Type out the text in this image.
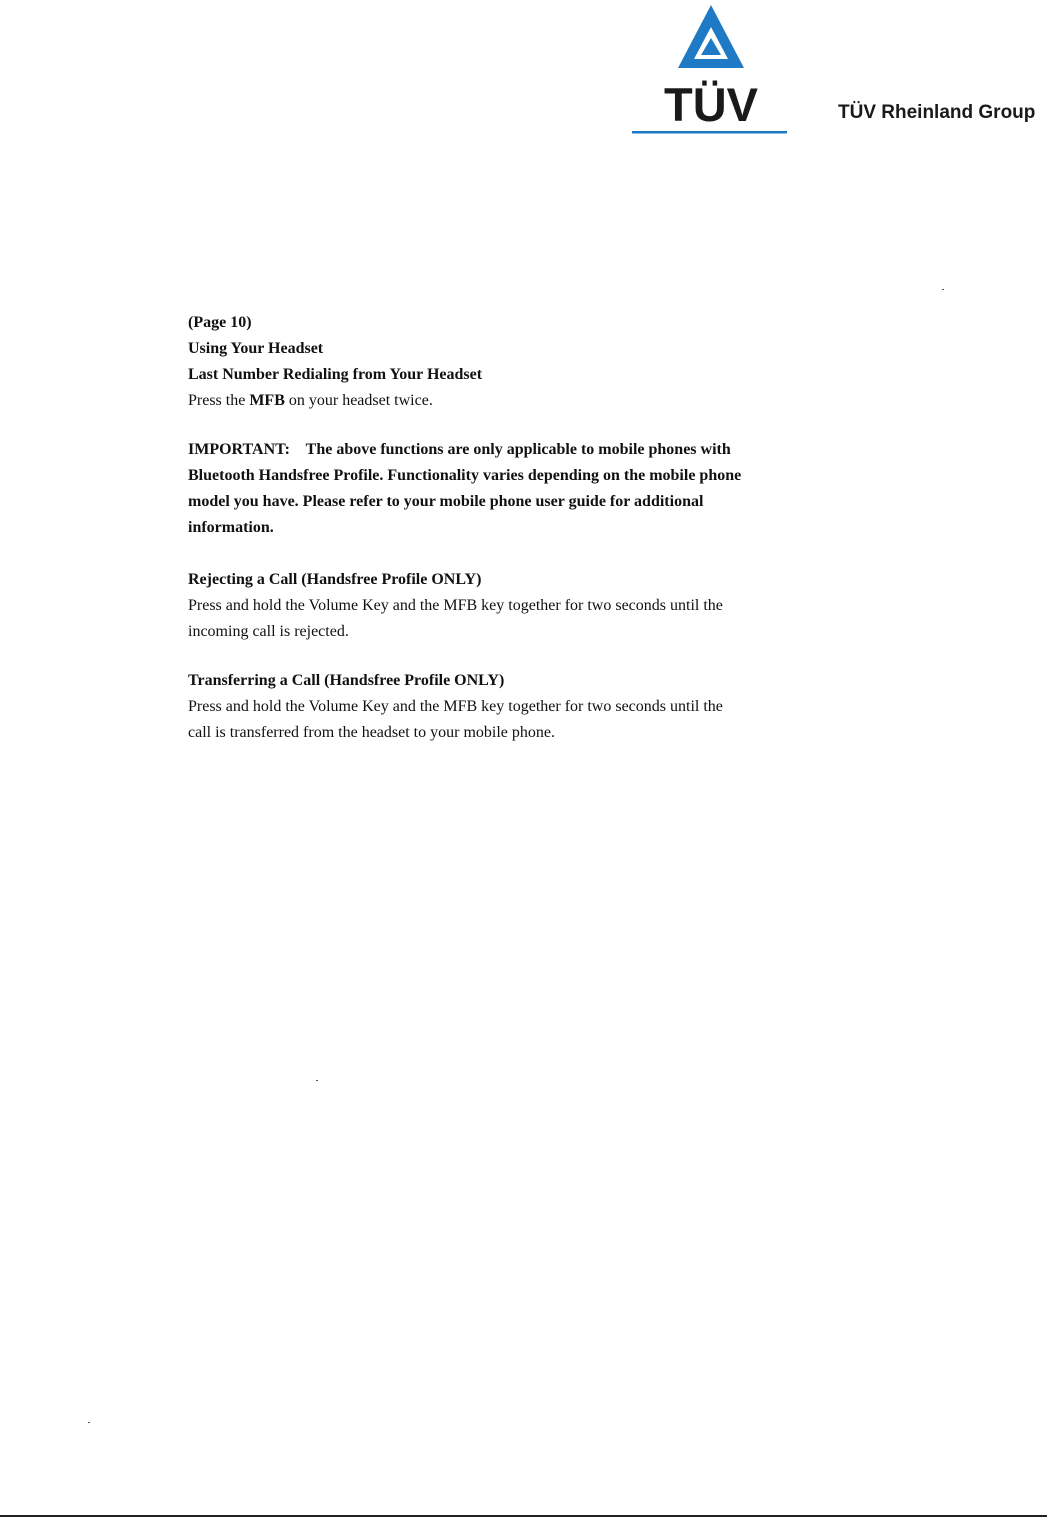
TÜV	TÜV Rheinland Group
(Page 10)
Using Your Headset
Last Number Redialing from Your Headset
Press the MFB on your headset twice.
IMPORTANT:    The above functions are only applicable to mobile phones with
Bluetooth Handsfree Profile. Functionality varies depending on the mobile phone
model you have. Please refer to your mobile phone user guide for additional
information.
Rejecting a Call (Handsfree Profile ONLY)
Press and hold the Volume Key and the MFB key together for two seconds until the
incoming call is rejected.
Transferring a Call (Handsfree Profile ONLY)
Press and hold the Volume Key and the MFB key together for two seconds until the
call is transferred from the headset to your mobile phone.
